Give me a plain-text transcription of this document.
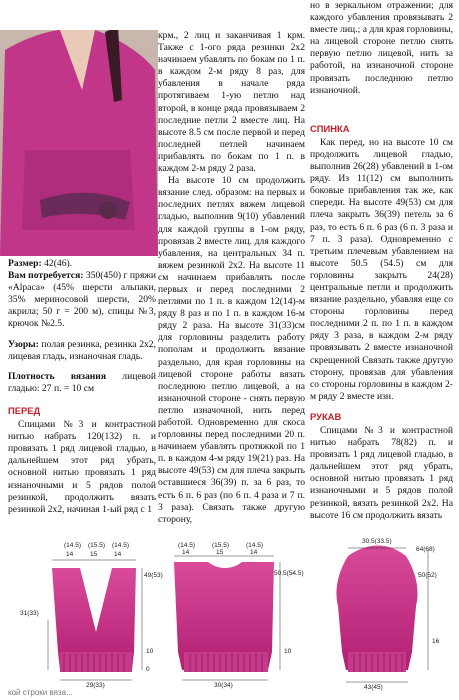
но в зеркальном отражении; для каждого убавления провязывать 2 вместе лиц.; а для края горловины, на лицевой стороне петлю снять первую петлю лицевой, нить за работой, на изнаночной стороне провязать последнюю петлю изнаночной.

СПИНКА

Как перед, но на высоте 10 см продолжить лицевой гладью, выполнив 26(28) убавлений в 1-ом ряду. Из 11(12) см выполнить боковые прибавления так же, как спереди. На высоте 49(53) см для плеча закрыть 36(39) петель за 6 раз, то есть 6 п. 6 раз (6 п. 3 раза и 7 п. 3 раза). Одновременно с третьим плечевым убавлением на высоте 50.5 (54.5) см для горловины закрыть 24(28) центральные петли и продолжить вязание раздельно, убавляя еще со стороны горловины перед последними 2 п. по 1 п. в каждом ряду 3 раза, в каждом 2-м ряду провязывать 2 вместе изнаночной скрещенной Связать также другую сторону, провязав для убавления со стороны горловины в каждом 2-м ряду 2 вместе изн.

РУКАВ

Спицами №3 и контрастной нитью набрать 78(82) п. и провязать 1 ряд лицевой гладью, в дальнейшем этот ряд убрать, основной нитью провязать 1 ряд изнаночными и 5 рядов полой резинкой, вязать резинкой 2х2. На высоте 16 см продолжить вязать

крм., 2 лиц и заканчивая 1 крм. Также с 1-ого ряда резинки 2х2 начинаем убавлять по бокам по 1 п. в каждом 2-м ряду 8 раз, для убавления в начале ряда протягиваем 1-ую петлю над второй, в конце ряда провязываем 2 последние петли 2 вместе лиц. На высоте 8.5 см после первой и перед последней петлей начинаем прибавлять по бокам по 1 п. в каждом 2-м ряду 2 раза.

На высоте 10 см продолжить вязание след. образом: на первых и последних петлях вяжем лицевой гладью, выполнив 9(10) убавлений для каждой группы в 1-ом ряду, провязав 2 вместе лиц. для каждого убавления, на центральных 34 п. вяжем резинкой 2х2. На высоте 11 см начинаем прибавлять после первых и перед последними 2 петлями по 1 п. в каждом 12(14)-м ряду 8 раз и по 1 п. в каждом 16-м ряду 2 раза. На высоте 31(33)см для горловины разделить работу пополам и продолжить вязание раздельно, для края горловины на лицевой стороне работы вязать последнюю петлю лицевой, а на изнаночной стороне - снять первую петлю изначочной, нить перед работой. Одновременно для скоса горловины перед последними 20 п. начинаем убавлять протяжкой по 1 п. в каждом 4-м ряду 19(21) раз. На высоте 49(53) см для плеча закрыть оставшиеся 36(39) п. за 6 раз, то есть 6 п. 6 раз (по 6 п. 4 раза и 7 п. 3 раза). Связать также другую сторону,

Размер: 42(46).

Вам потребуется: 350(450) г пряжи «Alpaca» (45% шерсти альпаки, 35% мериносовой шерсти, 20% акрила; 50 г = 200 м), спицы №3, крючок №2.5.

Узоры: полая резинка, резинка 2х2, лицевая гладь, изнаночная гладь.

Плотность вязания лицевой гладью: 27 п. = 10 см

ПЕРЕД

Спицами №3 и контрастной нитью набрать 120(132) п. и провязать 1 ряд лицевой гладью, в дальнейшем этот ряд убрать, основной нитью провязать 1 ряд изнаночными и 5 рядов полой резинкой, продолжить вязать резинкой 2х2, начиная 1-ый ряд с 1

(14.5) (15.5) (14.5)
14	15	14
49(53)
31(33)
10
0
29(33)
(14.5)	(15.5)	(14.5)
14	15	14
50.5(54.5)
10
30(34)
30.5(33.5)
64(68)
50(52)
16
43(45)
кой строки вяза...
